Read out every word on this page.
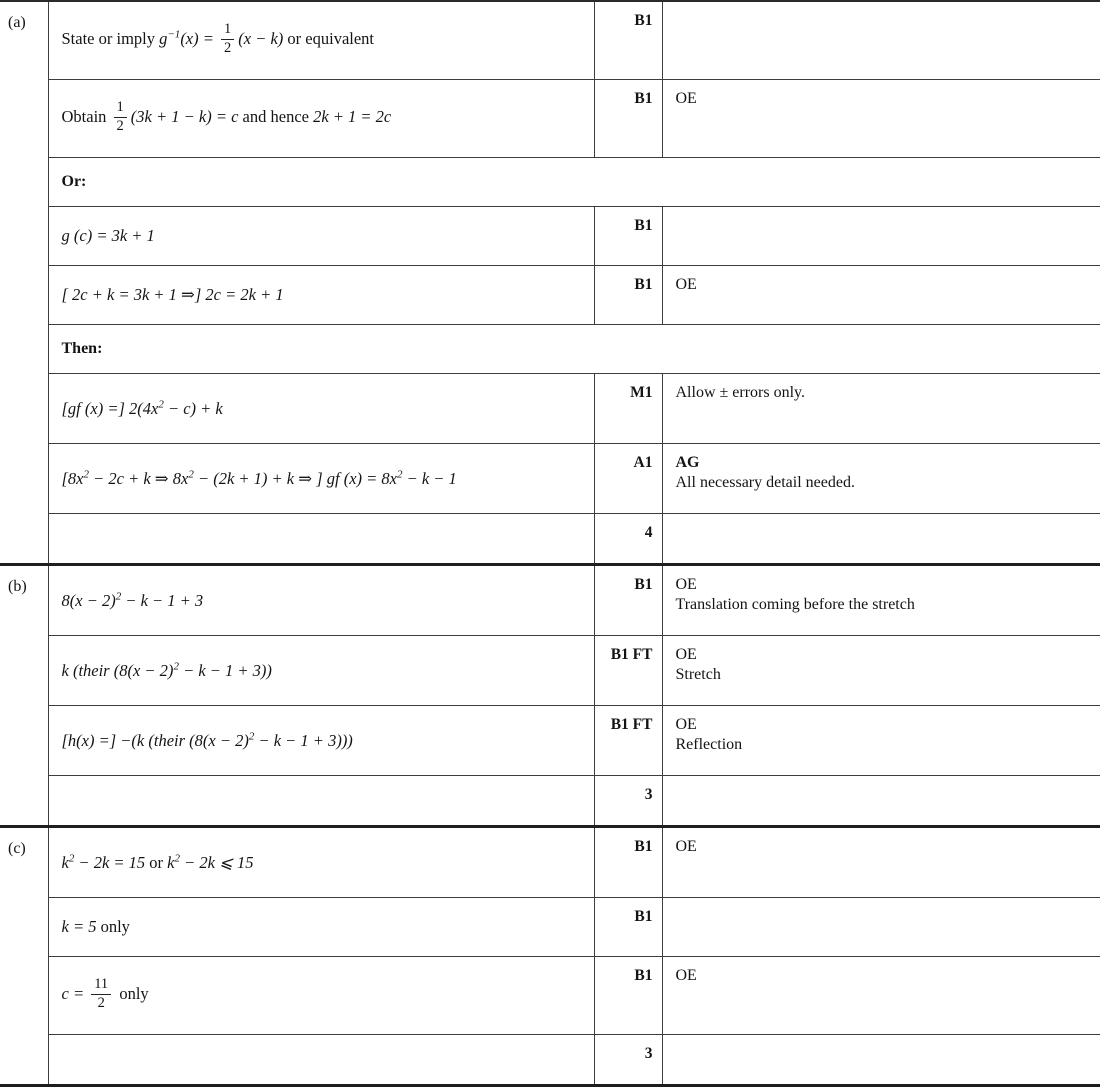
(a)	State or imply $g^{-1}(x) = \frac{1}{2} (x - k)$ or equivalent	B1	
	Obtain $\frac{1}{2} (3k + 1 - k) = c$ and hence 2k + 1 = 2c	B1	OE

	Or:		
	g (c) = 3k + 1	B1	
	[ 2c + k = 3k + 1 ⇒] 2c = 2k + 1	B1	OE

	Then:		
	[gf (x) =] $2(4x^2 - c) + k$	M1	Allow ± errors only.

	[$8x^2 - 2c + k$ ⇒ $8x^2 - (2k + 1) + k$ ⇒ ] gf $(x) = 8x^2 - k - 1$	A1	AG
All necessary detail needed.

		4	
(b)	$8(x - 2)^2 - k - 1 + 3$	B1	OE
Translation coming before the stretch

	k (their $(8(x - 2)^2 - k - 1 + 3)$)	B1 FT	OE
Stretch

	[h(x) =] −(k (their $(8(x - 2)^2 - k - 1 + 3)$))	B1 FT	OE
Reflection

		3	
(c)	$k^2 - 2k = 15$ or $k^2 - 2k$ ⩽ 15	B1	OE

	k = 5 only	B1	
	$c = \frac{11}{2}$ only	B1	OE

		3	
